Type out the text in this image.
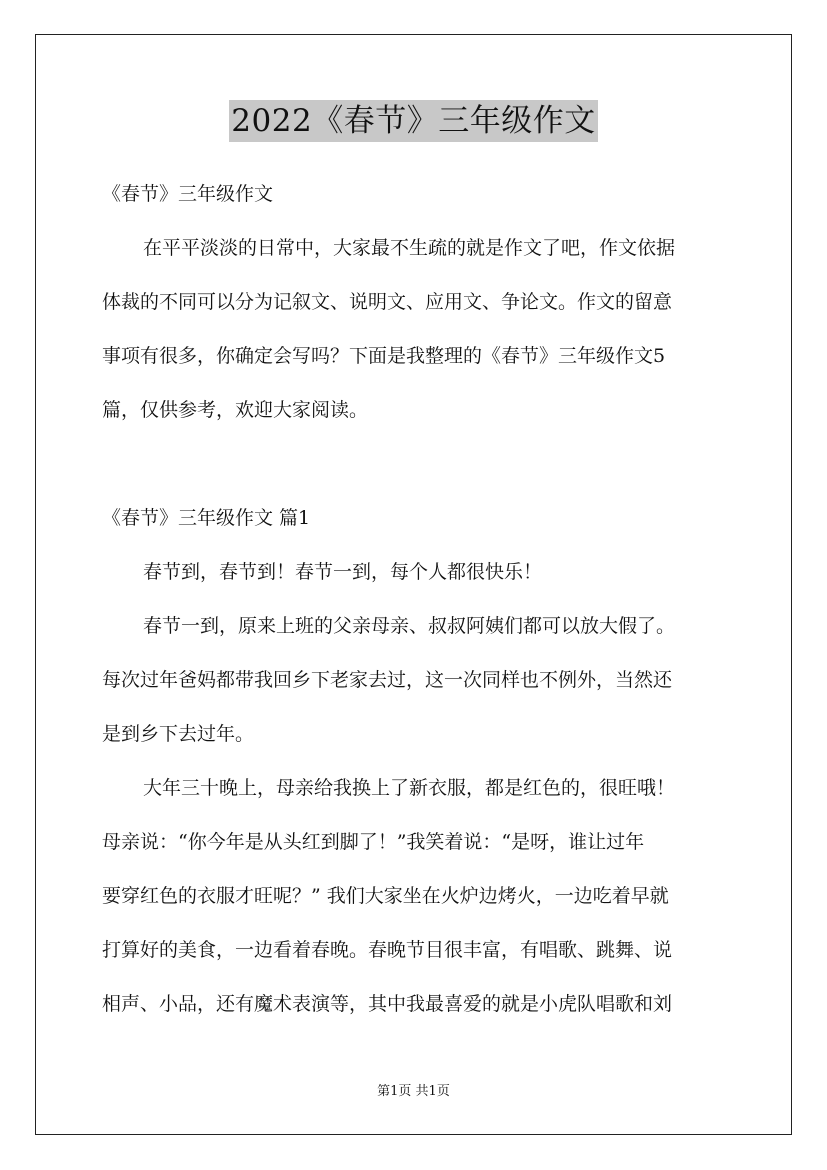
2022《春节》三年级作文
《春节》三年级作文
在平平淡淡的日常中，大家最不生疏的就是作文了吧，作文依据
体裁的不同可以分为记叙文、说明文、应用文、争论文。作文的留意
事项有很多，你确定会写吗？下面是我整理的《春节》三年级作文5
篇，仅供参考，欢迎大家阅读。
《春节》三年级作文 篇1
春节到，春节到！春节一到，每个人都很快乐！
春节一到，原来上班的父亲母亲、叔叔阿姨们都可以放大假了。
每次过年爸妈都带我回乡下老家去过，这一次同样也不例外，当然还
是到乡下去过年。
大年三十晚上，母亲给我换上了新衣服，都是红色的，很旺哦！
母亲说：“你今年是从头红到脚了！”我笑着说：“是呀，谁让过年
要穿红色的衣服才旺呢？” 我们大家坐在火炉边烤火，一边吃着早就
打算好的美食，一边看着春晚。春晚节目很丰富，有唱歌、跳舞、说
相声、小品，还有魔术表演等，其中我最喜爱的就是小虎队唱歌和刘
第1页 共1页
